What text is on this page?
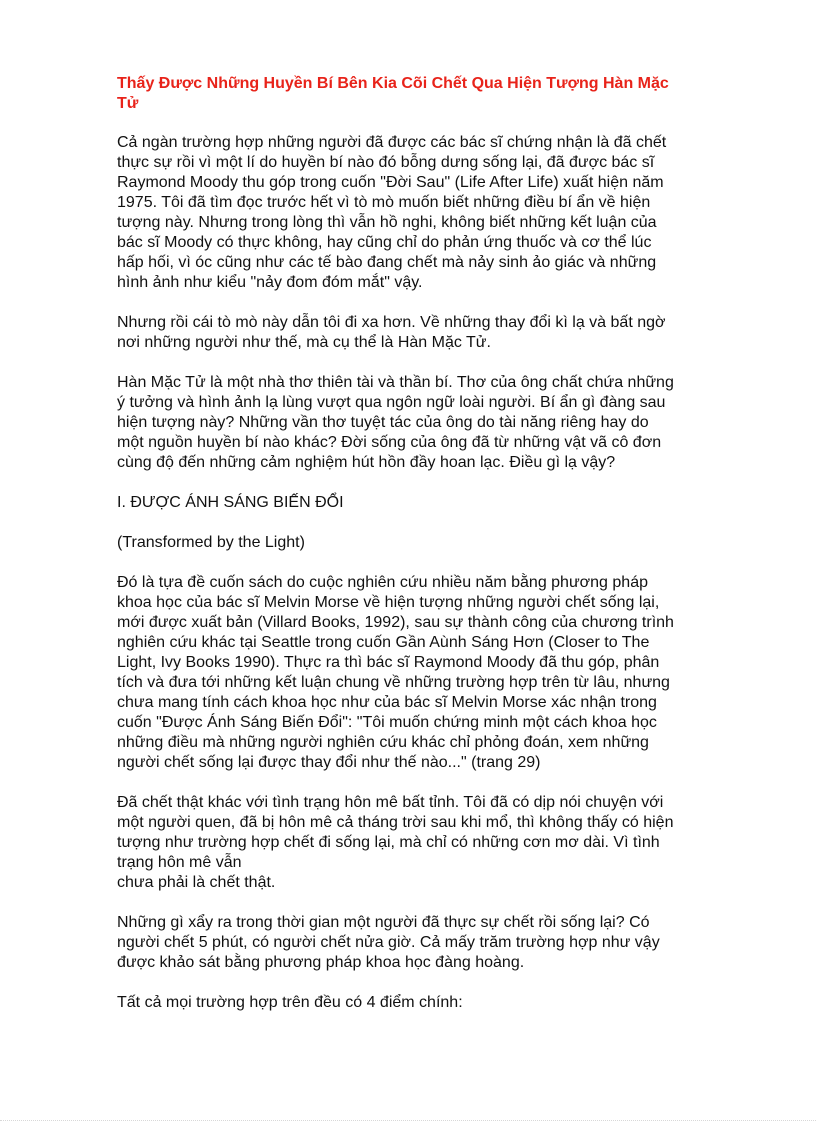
Thấy Được Những Huyền Bí Bên Kia Cõi Chết Qua Hiện Tượng Hàn Mặc
Tử
Cả ngàn trường hợp những người đã được các bác sĩ chứng nhận là đã chết
thực sự rồi vì một lí do huyền bí nào đó bỗng dưng sống lại, đã được bác sĩ
Raymond Moody thu góp trong cuốn "Đời Sau" (Life After Life) xuất hiện năm
1975. Tôi đã tìm đọc trước hết vì tò mò muốn biết những điều bí ẩn về hiện
tượng này. Nhưng trong lòng thì vẫn hồ nghi, không biết những kết luận của
bác sĩ Moody có thực không, hay cũng chỉ do phản ứng thuốc và cơ thể lúc
hấp hối, vì óc cũng như các tế bào đang chết mà nảy sinh ảo giác và những
hình ảnh như kiểu "nảy đom đóm mắt" vậy.
Nhưng rồi cái tò mò này dẫn tôi đi xa hơn. Về những thay đổi kì lạ và bất ngờ
nơi những người như thế, mà cụ thể là Hàn Mặc Tử.
Hàn Mặc Tử là một nhà thơ thiên tài và thần bí. Thơ của ông chất chứa những
ý tưởng và hình ảnh lạ lùng vượt qua ngôn ngữ loài người. Bí ẩn gì đàng sau
hiện tượng này? Những vần thơ tuyệt tác của ông do tài năng riêng hay do
một nguồn huyền bí nào khác? Đời sống của ông đã từ những vật vã cô đơn
cùng độ đến những cảm nghiệm hút hồn đầy hoan lạc. Điều gì lạ vậy?
I. ĐƯỢC ÁNH SÁNG BIẾN ĐỔI
(Transformed by the Light)
Đó là tựa đề cuốn sách do cuộc nghiên cứu nhiều năm bằng phương pháp
khoa học của bác sĩ Melvin Morse về hiện tượng những người chết sống lại,
mới được xuất bản (Villard Books, 1992), sau sự thành công của chương trình
nghiên cứu khác tại Seattle trong cuốn Gần Aùnh Sáng Hơn (Closer to The
Light, Ivy Books 1990). Thực ra thì bác sĩ Raymond Moody đã thu góp, phân
tích và đưa tới những kết luận chung về những trường hợp trên từ lâu, nhưng
chưa mang tính cách khoa học như của bác sĩ Melvin Morse xác nhận trong
cuốn "Được Ánh Sáng Biến Đổi": "Tôi muốn chứng minh một cách khoa học
những điều mà những người nghiên cứu khác chỉ phỏng đoán, xem những
người chết sống lại được thay đổi như thế nào..." (trang 29)
Đã chết thật khác với tình trạng hôn mê bất tỉnh. Tôi đã có dịp nói chuyện với
một người quen, đã bị hôn mê cả tháng trời sau khi mổ, thì không thấy có hiện
tượng như trường hợp chết đi sống lại, mà chỉ có những cơn mơ dài. Vì tình
trạng hôn mê vẫn
chưa phải là chết thật.
Những gì xẩy ra trong thời gian một người đã thực sự chết rồi sống lại? Có
người chết 5 phút, có người chết nửa giờ. Cả mấy trăm trường hợp như vậy
được khảo sát bằng phương pháp khoa học đàng hoàng.
Tất cả mọi trường hợp trên đều có 4 điểm chính:
